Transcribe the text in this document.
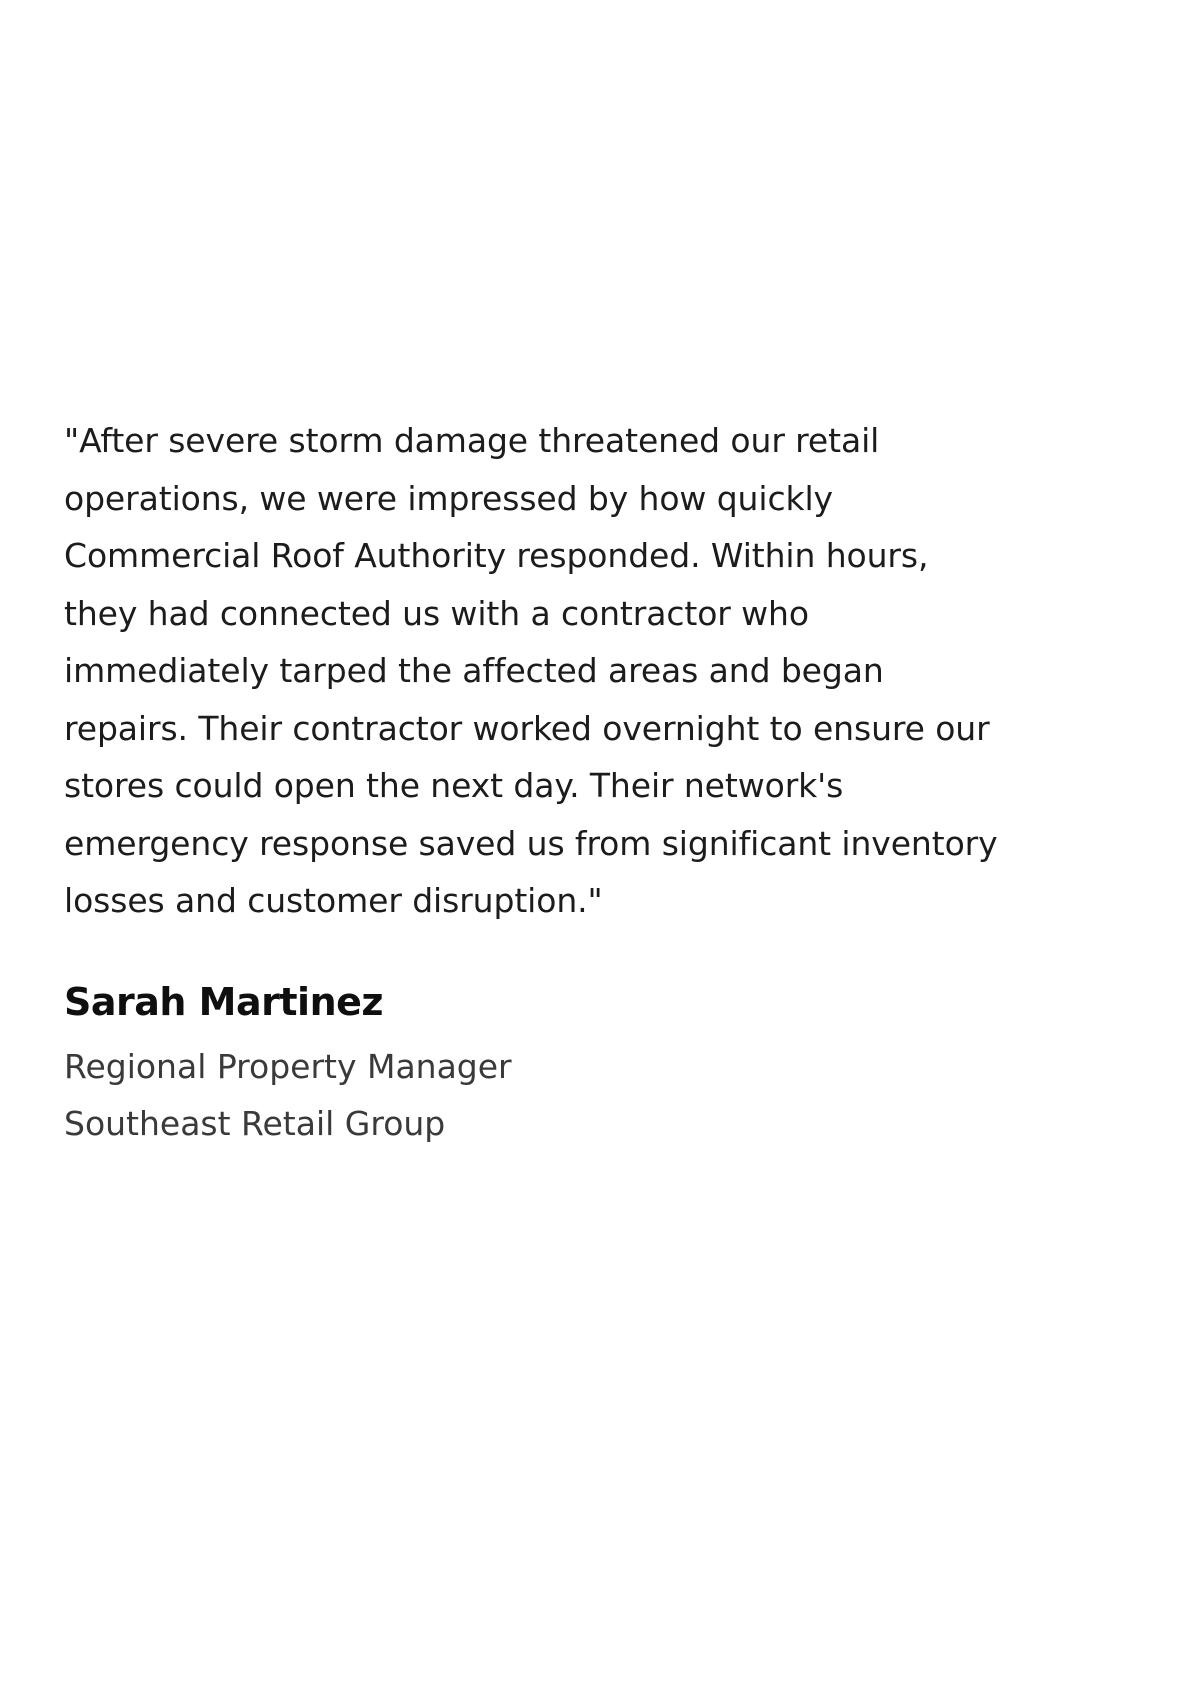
"After severe storm damage threatened our retail
operations, we were impressed by how quickly
Commercial Roof Authority responded. Within hours,
they had connected us with a contractor who
immediately tarped the affected areas and began
repairs. Their contractor worked overnight to ensure our
stores could open the next day. Their network's
emergency response saved us from significant inventory
losses and customer disruption."
Sarah Martinez

Regional Property Manager

Southeast Retail Group
